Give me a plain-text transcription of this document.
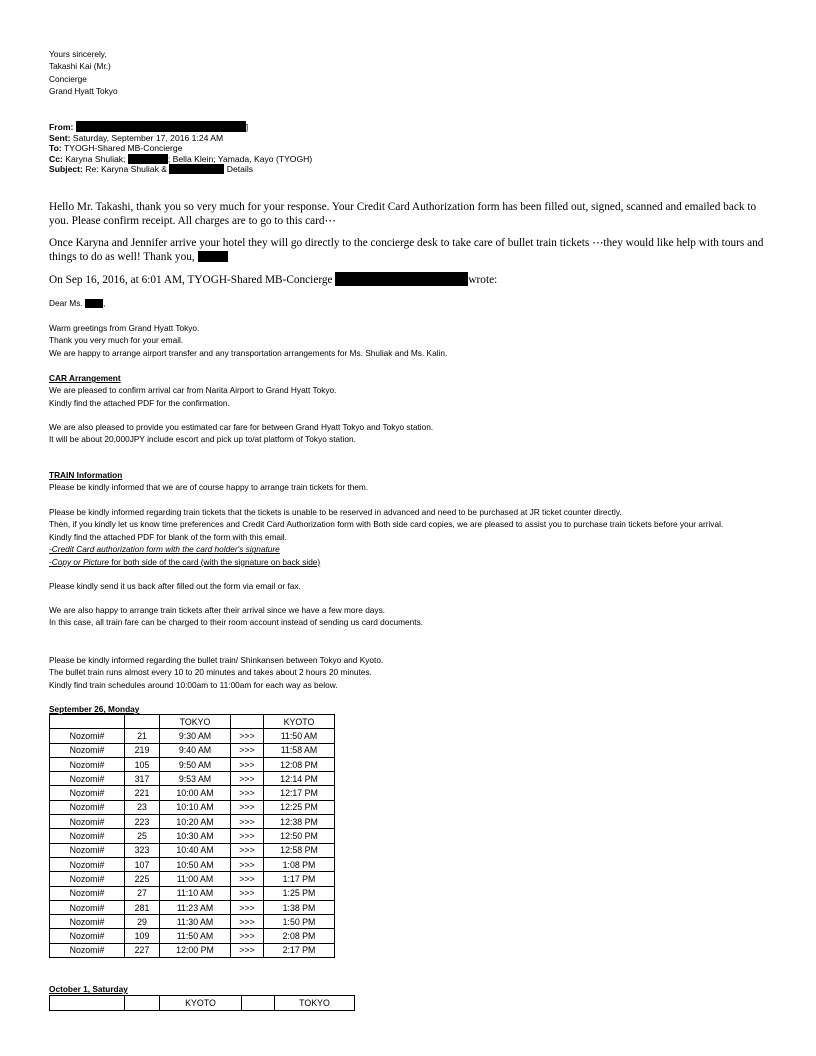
Yours sincerely,
Takashi Kai (Mr.)
Concierge
Grand Hyatt Tokyo
From:	]
Sent: Saturday, September 17, 2016 1:24 AM
To: TYOGH-Shared MB-Concierge
Cc: Karyna Shuliak;	; Bella Klein; Yamada, Kayo (TYOGH)
Subject: Re: Karyna Shuliak &	Details
Hello Mr. Takashi, thank you so very much for your response. Your Credit Card Authorization form has been filled out, signed, scanned and emailed back to you. Please confirm receipt. All charges are to go to this card⋯
Once Karyna and Jennifer arrive your hotel they will go directly to the concierge desk to take care of bullet train tickets ⋯they would like help with tours and things to do as well! Thank you,
On Sep 16, 2016, at 6:01 AM, TYOGH-Shared MB-Concierge	wrote:
Dear Ms. ,
Warm greetings from Grand Hyatt Tokyo.
Thank you very much for your email.
We are happy to arrange airport transfer and any transportation arrangements for Ms. Shuliak and Ms. Kalin.
CAR Arrangement
We are pleased to confirm arrival car from Narita Airport to Grand Hyatt Tokyo.
Kindly find the attached PDF for the confirmation.
We are also pleased to provide you estimated car fare for between Grand Hyatt Tokyo and Tokyo station.
It will be about 20,000JPY include escort and pick up to/at platform of Tokyo station.
TRAIN Information
Please be kindly informed that we are of course happy to arrange train tickets for them.
Please be kindly informed regarding train tickets that the tickets is unable to be reserved in advanced and need to be purchased at JR ticket counter directly.
Then, if you kindly let us know time preferences and Credit Card Authorization form with Both side card copies, we are pleased to assist you to purchase train tickets before your arrival.
Kindly find the attached PDF for blank of the form with this email.
-Credit Card authorization form with the card holder's signature
-Copy or Picture for both side of the card (with the signature on back side)
Please kindly send it us back after filled out the form via email or fax.
We are also happy to arrange train tickets after their arrival since we have a few more days.
In this case, all train fare can be charged to their room account instead of sending us card documents.
Please be kindly informed regarding the bullet train/ Shinkansen between Tokyo and Kyoto.
The bullet train runs almost every 10 to 20 minutes and takes about 2 hours 20 minutes.
Kindly find train schedules around 10:00am to 11:00am for each way as below.
September 26, Monday
		TOKYO		KYOTO
Nozomi#	21	9:30 AM	>>>	11:50 AM
Nozomi#	219	9:40 AM	>>>	11:58 AM
Nozomi#	105	9:50 AM	>>>	12:08 PM
Nozomi#	317	9:53 AM	>>>	12:14 PM
Nozomi#	221	10:00 AM	>>>	12:17 PM
Nozomi#	23	10:10 AM	>>>	12:25 PM
Nozomi#	223	10:20 AM	>>>	12:38 PM
Nozomi#	25	10:30 AM	>>>	12:50 PM
Nozomi#	323	10:40 AM	>>>	12:58 PM
Nozomi#	107	10:50 AM	>>>	1:08 PM
Nozomi#	225	11:00 AM	>>>	1:17 PM
Nozomi#	27	11:10 AM	>>>	1:25 PM
Nozomi#	281	11:23 AM	>>>	1:38 PM
Nozomi#	29	11:30 AM	>>>	1:50 PM
Nozomi#	109	11:50 AM	>>>	2:08 PM
Nozomi#	227	12:00 PM	>>>	2:17 PM
October 1, Saturday
		KYOTO		TOKYO
